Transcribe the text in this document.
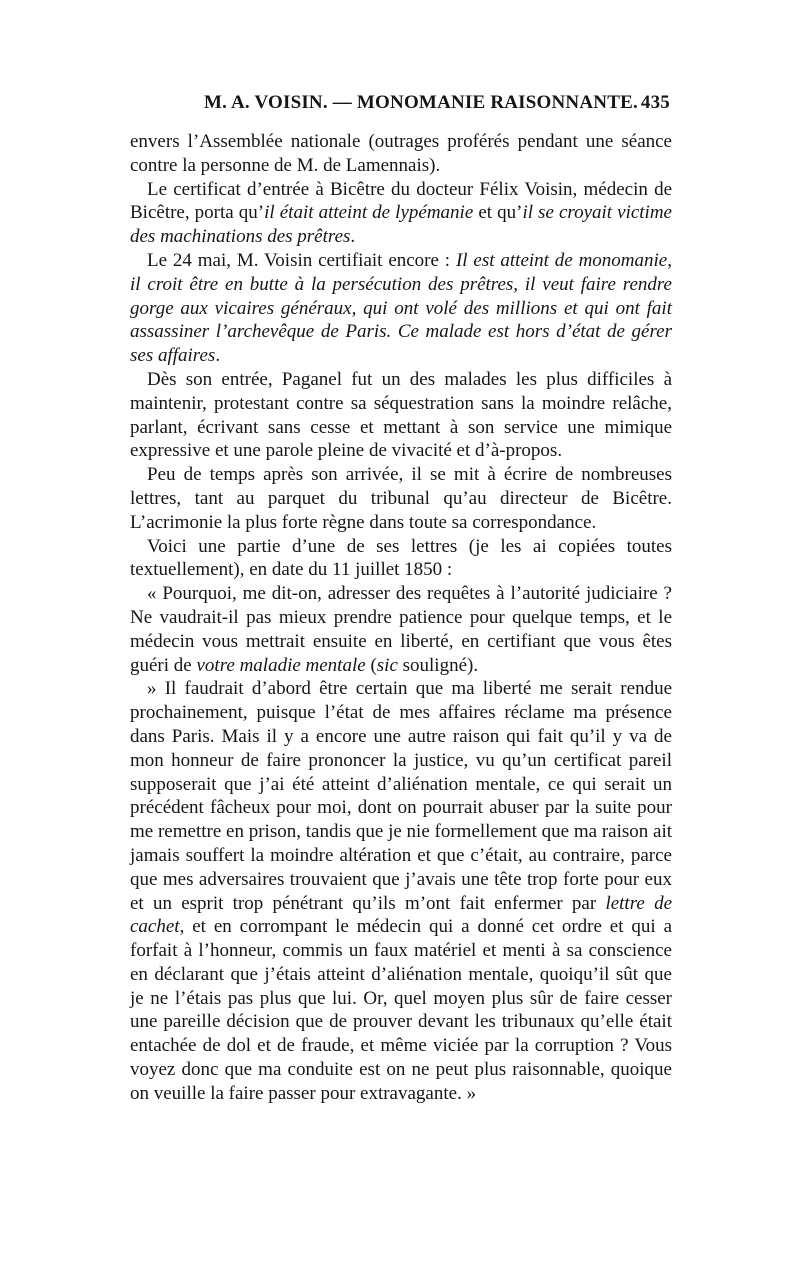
M. A. VOISIN. — MONOMANIE RAISONNANTE. 435

envers l’Assemblée nationale (outrages proférés pendant une séance contre la personne de M. de Lamennais).

Le certificat d’entrée à Bicêtre du docteur Félix Voisin, médecin de Bicêtre, porta qu’il était atteint de lypémanie et qu’il se croyait victime des machinations des prêtres.

Le 24 mai, M. Voisin certifiait encore : Il est atteint de monomanie, il croit être en butte à la persécution des prêtres, il veut faire rendre gorge aux vicaires généraux, qui ont volé des millions et qui ont fait assassiner l’archevêque de Paris. Ce malade est hors d’état de gérer ses affaires.

Dès son entrée, Paganel fut un des malades les plus difficiles à maintenir, protestant contre sa séquestration sans la moindre relâche, parlant, écrivant sans cesse et mettant à son service une mimique expressive et une parole pleine de vivacité et d’à-propos.

Peu de temps après son arrivée, il se mit à écrire de nombreuses lettres, tant au parquet du tribunal qu’au directeur de Bicêtre. L’acrimonie la plus forte règne dans toute sa correspondance.

Voici une partie d’une de ses lettres (je les ai copiées toutes textuellement), en date du 11 juillet 1850 :

« Pourquoi, me dit-on, adresser des requêtes à l’autorité judiciaire ? Ne vaudrait-il pas mieux prendre patience pour quelque temps, et le médecin vous mettrait ensuite en liberté, en certifiant que vous êtes guéri de votre maladie mentale (sic souligné).

» Il faudrait d’abord être certain que ma liberté me serait rendue prochainement, puisque l’état de mes affaires réclame ma présence dans Paris. Mais il y a encore une autre raison qui fait qu’il y va de mon honneur de faire prononcer la justice, vu qu’un certificat pareil supposerait que j’ai été atteint d’aliénation mentale, ce qui serait un précédent fâcheux pour moi, dont on pourrait abuser par la suite pour me remettre en prison, tandis que je nie formellement que ma raison ait jamais souffert la moindre altération et que c’était, au contraire, parce que mes adversaires trouvaient que j’avais une tête trop forte pour eux et un esprit trop pénétrant qu’ils m’ont fait enfermer par lettre de cachet, et en corrompant le médecin qui a donné cet ordre et qui a forfait à l’honneur, commis un faux matériel et menti à sa conscience en déclarant que j’étais atteint d’aliénation mentale, quoiqu’il sût que je ne l’étais pas plus que lui. Or, quel moyen plus sûr de faire cesser une pareille décision que de prouver devant les tribunaux qu’elle était entachée de dol et de fraude, et même viciée par la corruption ? Vous voyez donc que ma conduite est on ne peut plus raisonnable, quoique on veuille la faire passer pour extravagante. »
